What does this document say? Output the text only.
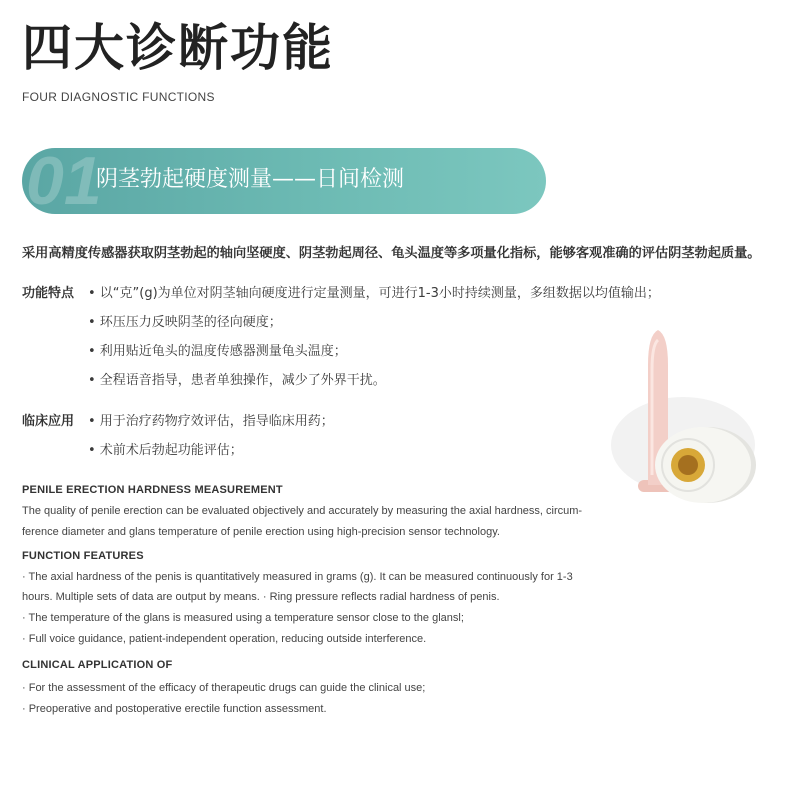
四大诊断功能
FOUR DIAGNOSTIC FUNCTIONS
01
阴茎勃起硬度测量——日间检测
采用高精度传感器获取阴茎勃起的轴向坚硬度、阴茎勃起周径、龟头温度等多项量化指标，能够客观准确的评估阴茎勃起质量。
功能特点 • 以“克”(g)为单位对阴茎轴向硬度进行定量测量，可进行1-3小时持续测量，多组数据以均值输出；
• 环压压力反映阴茎的径向硬度；
• 利用贴近龟头的温度传感器测量龟头温度；
• 全程语音指导，患者单独操作，减少了外界干扰。
临床应用 • 用于治疗药物疗效评估，指导临床用药；
• 术前术后勃起功能评估；
PENILE ERECTION HARDNESS MEASUREMENT
The quality of penile erection can be evaluated objectively and accurately by measuring the axial hardness, circum-
ference diameter and glans temperature of penile erection using high-precision sensor technology.
FUNCTION FEATURES
· The axial hardness of the penis is quantitatively measured in grams (g). It can be measured continuously for 1-3
hours. Multiple sets of data are output by means. · Ring pressure reflects radial hardness of penis.
· The temperature of the glans is measured using a temperature sensor close to the glansl;
· Full voice guidance, patient-independent operation, reducing outside interference.
CLINICAL APPLICATION OF
· For the assessment of the efficacy of therapeutic drugs can guide the clinical use;
· Preoperative and postoperative erectile function assessment.
